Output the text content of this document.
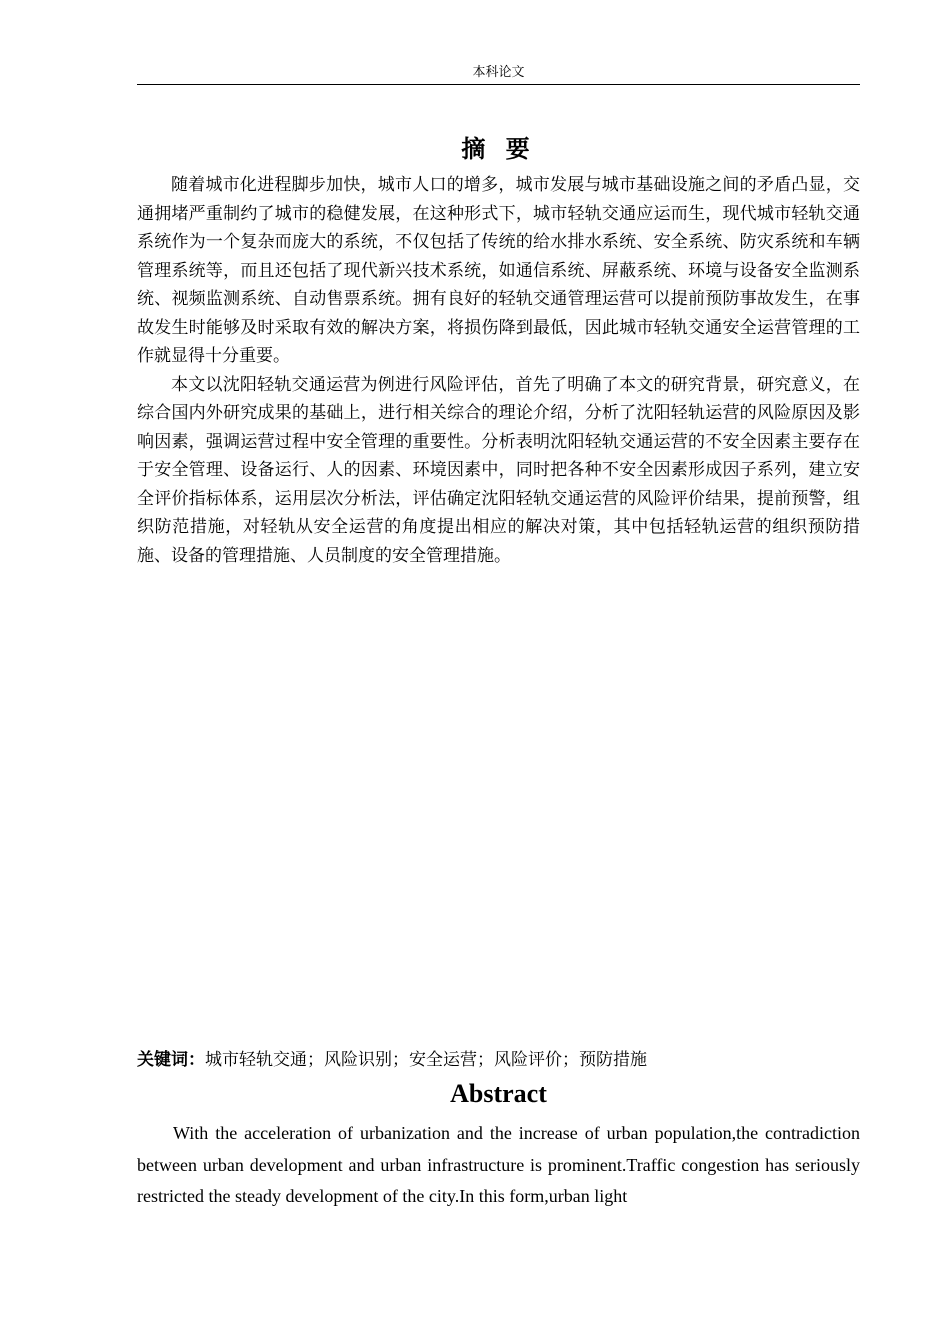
本科论文
摘 要

随着城市化进程脚步加快，城市人口的增多，城市发展与城市基础设施之间的矛盾凸显，交通拥堵严重制约了城市的稳健发展，在这种形式下，城市轻轨交通应运而生，现代城市轻轨交通系统作为一个复杂而庞大的系统，不仅包括了传统的给水排水系统、安全系统、防灾系统和车辆管理系统等，而且还包括了现代新兴技术系统，如通信系统、屏蔽系统、环境与设备安全监测系统、视频监测系统、自动售票系统。拥有良好的轻轨交通管理运营可以提前预防事故发生，在事故发生时能够及时采取有效的解决方案，将损伤降到最低，因此城市轻轨交通安全运营管理的工作就显得十分重要。

本文以沈阳轻轨交通运营为例进行风险评估，首先了明确了本文的研究背景，研究意义，在综合国内外研究成果的基础上，进行相关综合的理论介绍，分析了沈阳轻轨运营的风险原因及影响因素，强调运营过程中安全管理的重要性。分析表明沈阳轻轨交通运营的不安全因素主要存在于安全管理、设备运行、人的因素、环境因素中，同时把各种不安全因素形成因子系列，建立安全评价指标体系，运用层次分析法，评估确定沈阳轻轨交通运营的风险评价结果，提前预警，组织防范措施，对轻轨从安全运营的角度提出相应的解决对策，其中包括轻轨运营的组织预防措施、设备的管理措施、人员制度的安全管理措施。

关键词：城市轻轨交通；风险识别；安全运营；风险评价；预防措施
Abstract

With the acceleration of urbanization and the increase of urban population,the contradiction between urban development and urban infrastructure is prominent.Traffic congestion has seriously restricted the steady development of the city.In this form,urban light
